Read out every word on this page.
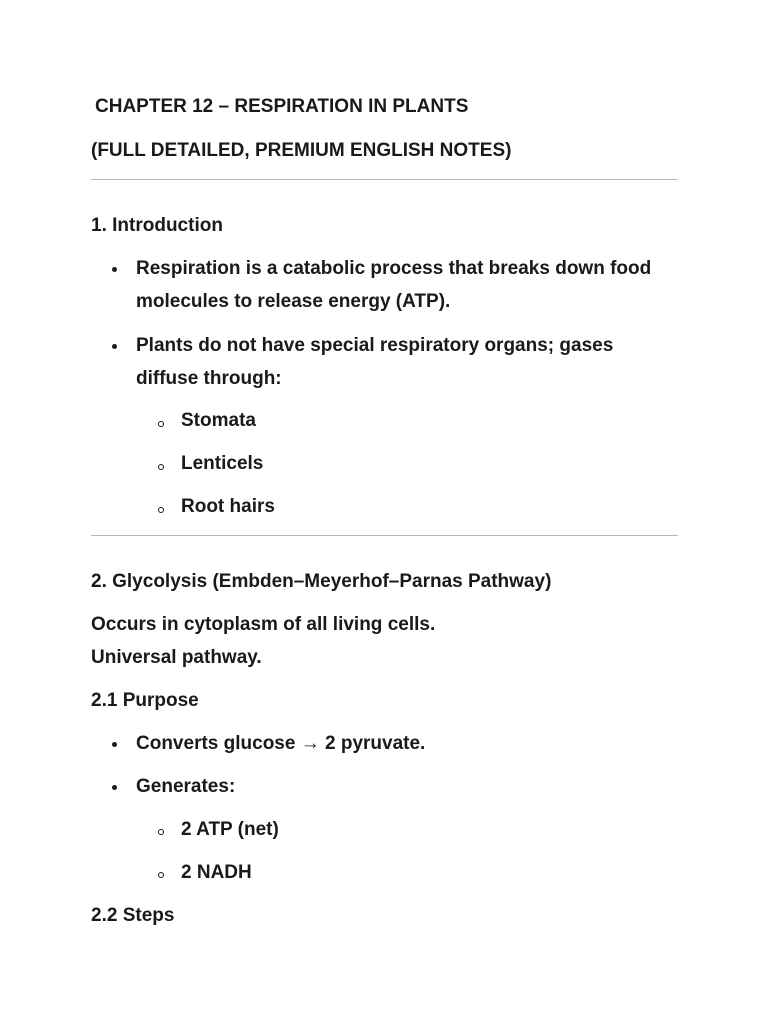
CHAPTER 12 – RESPIRATION IN PLANTS
(FULL DETAILED, PREMIUM ENGLISH NOTES)
1. Introduction
Respiration is a catabolic process that breaks down food
molecules to release energy (ATP).
Plants do not have special respiratory organs; gases
diffuse through:
Stomata
Lenticels
Root hairs
2. Glycolysis (Embden–Meyerhof–Parnas Pathway)
Occurs in cytoplasm of all living cells.
Universal pathway.
2.1 Purpose
Converts glucose → 2 pyruvate.
Generates:
2 ATP (net)
2 NADH
2.2 Steps
